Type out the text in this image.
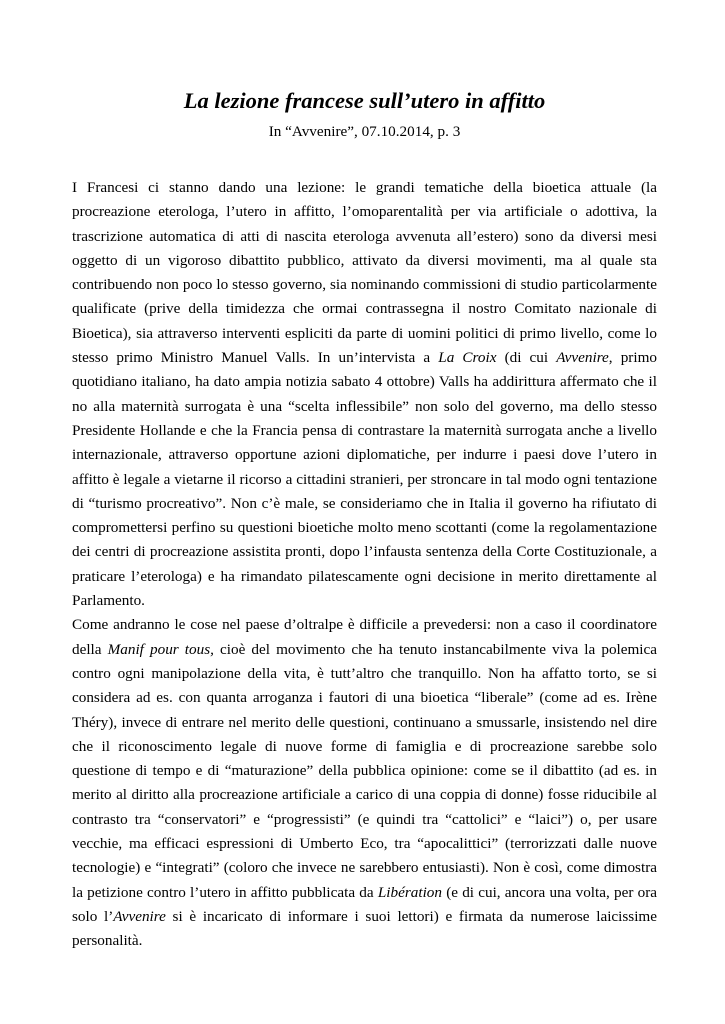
La lezione francese sull’utero in affitto
In “Avvenire”, 07.10.2014, p. 3

I Francesi ci stanno dando una lezione: le grandi tematiche della bioetica attuale (la procreazione eterologa, l’utero in affitto, l’omoparentalità per via artificiale o adottiva, la trascrizione automatica di atti di nascita eterologa avvenuta all’estero) sono da diversi mesi oggetto di un vigoroso dibattito pubblico, attivato da diversi movimenti, ma al quale sta contribuendo non poco lo stesso governo, sia nominando commissioni di studio particolarmente qualificate (prive della timidezza che ormai contrassegna il nostro Comitato nazionale di Bioetica), sia attraverso interventi espliciti da parte di uomini politici di primo livello, come lo stesso primo Ministro Manuel Valls. In un’intervista a La Croix (di cui Avvenire, primo quotidiano italiano, ha dato ampia notizia sabato 4 ottobre) Valls ha addirittura affermato che il no alla maternità surrogata è una “scelta inflessibile” non solo del governo, ma dello stesso Presidente Hollande e che la Francia pensa di contrastare la maternità surrogata anche a livello internazionale, attraverso opportune azioni diplomatiche, per indurre i paesi dove l’utero in affitto è legale a vietarne il ricorso a cittadini stranieri, per stroncare in tal modo ogni tentazione di “turismo procreativo”. Non c’è male, se consideriamo che in Italia il governo ha rifiutato di compromettersi perfino su questioni bioetiche molto meno scottanti (come la regolamentazione dei centri di procreazione assistita pronti, dopo l’infausta sentenza della Corte Costituzionale, a praticare l’eterologa) e ha rimandato pilatescamente ogni decisione in merito direttamente al Parlamento.

Come andranno le cose nel paese d’oltralpe è difficile a prevedersi: non a caso il coordinatore della Manif pour tous, cioè del movimento che ha tenuto instancabilmente viva la polemica contro ogni manipolazione della vita, è tutt’altro che tranquillo. Non ha affatto torto, se si considera ad es. con quanta arroganza i fautori di una bioetica “liberale” (come ad es. Irène Théry), invece di entrare nel merito delle questioni, continuano a smussarle, insistendo nel dire che il riconoscimento legale di nuove forme di famiglia e di procreazione sarebbe solo questione di tempo e di “maturazione” della pubblica opinione: come se il dibattito (ad es. in merito al diritto alla procreazione artificiale a carico di una coppia di donne) fosse riducibile al contrasto tra “conservatori” e “progressisti” (e quindi tra “cattolici” e “laici”) o, per usare vecchie, ma efficaci espressioni di Umberto Eco, tra “apocalittici” (terrorizzati dalle nuove tecnologie) e “integrati” (coloro che invece ne sarebbero entusiasti). Non è così, come dimostra la petizione contro l’utero in affitto pubblicata da Libération (e di cui, ancora una volta, per ora solo l’Avvenire si è incaricato di informare i suoi lettori) e firmata da numerose laicissime personalità.
